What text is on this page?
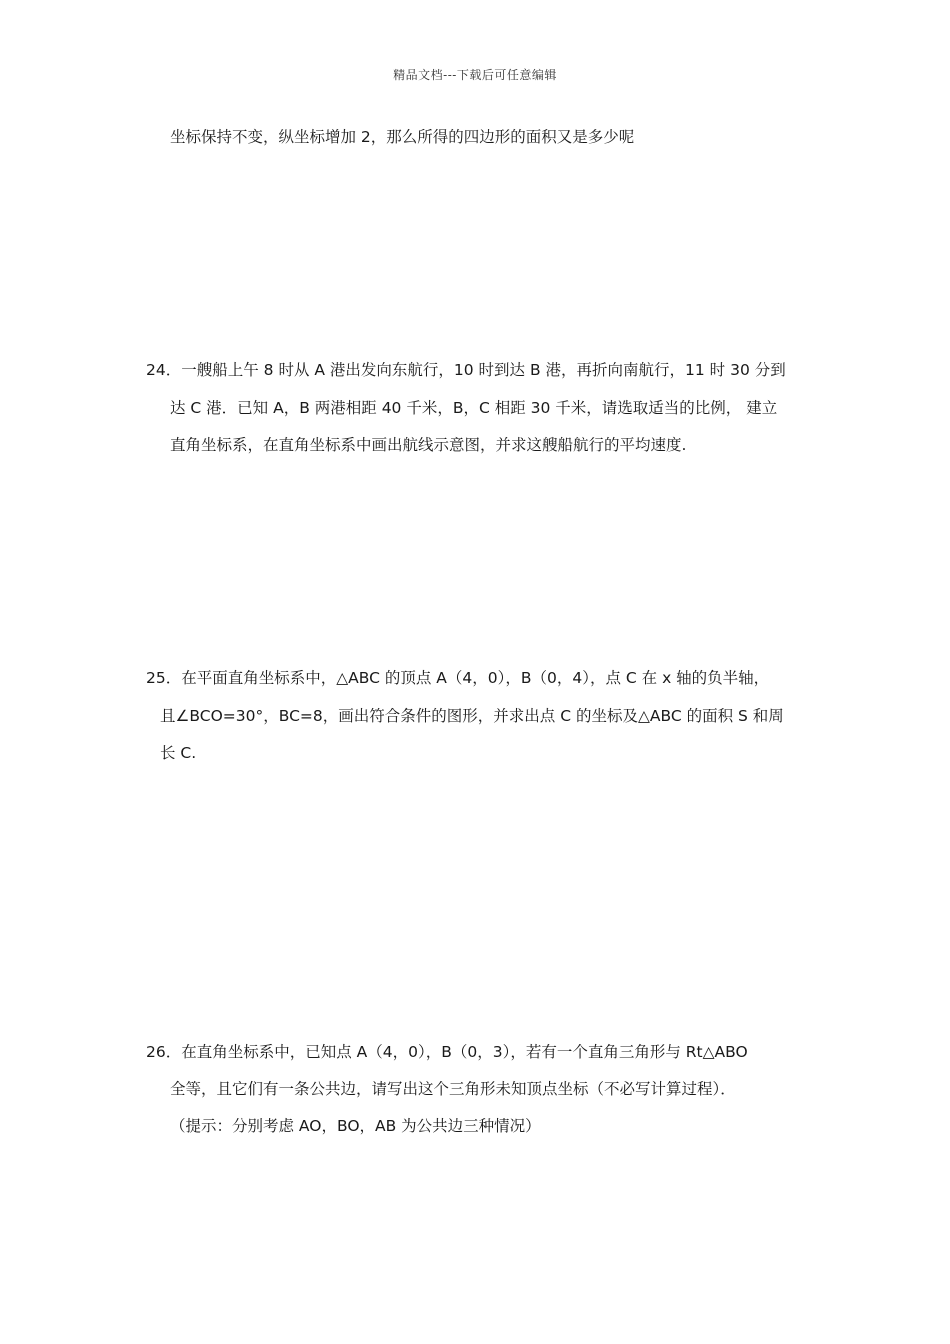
精品文档---下载后可任意编辑
坐标保持不变，纵坐标增加 2，那么所得的四边形的面积又是多少呢
24．一艘船上午 8 时从 A 港出发向东航行，10 时到达 B 港，再折向南航行，11 时 30 分到
达 C 港．已知 A，B 两港相距 40 千米，B，C 相距 30 千米，请选取适当的比例， 建立
直角坐标系，在直角坐标系中画出航线示意图，并求这艘船航行的平均速度.
25．在平面直角坐标系中，△ABC 的顶点 A（4，0），B（0，4），点 C 在 x 轴的负半轴，
且∠BCO=30°，BC=8，画出符合条件的图形，并求出点 C 的坐标及△ABC 的面积 S 和周
长 C.
26．在直角坐标系中，已知点 A（4，0），B（0，3），若有一个直角三角形与 Rt△ABO
全等，且它们有一条公共边，请写出这个三角形未知顶点坐标（不必写计算过程）．
（提示：分别考虑 AO，BO，AB 为公共边三种情况）
